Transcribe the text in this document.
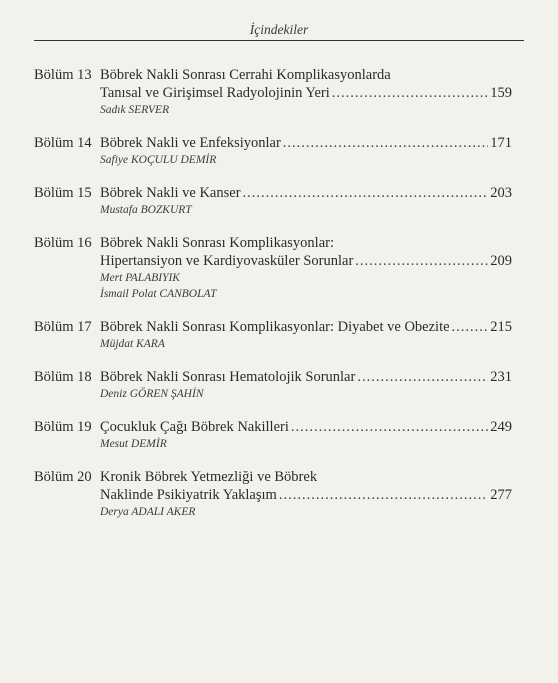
İçindekiler
Bölüm 13 Böbrek Nakli Sonrası Cerrahi Komplikasyonlarda
Tanısal ve Girişimsel Radyolojinin Yeri .....	159
Sadık SERVER
Bölüm 14 Böbrek Nakli ve Enfeksiyonlar .....	171
Safiye KOÇULU DEMİR
Bölüm 15 Böbrek Nakli ve Kanser .....	203
Mustafa BOZKURT
Bölüm 16 Böbrek Nakli Sonrası Komplikasyonlar:
Hipertansiyon ve Kardiyovasküler Sorunlar .....	209
Mert PALABIYIK
İsmail Polat CANBOLAT
Bölüm 17 Böbrek Nakli Sonrası Komplikasyonlar: Diyabet ve Obezite .....	215
Müjdat KARA
Bölüm 18 Böbrek Nakli Sonrası Hematolojik Sorunlar .....	231
Deniz GÖREN ŞAHİN
Bölüm 19 Çocukluk Çağı Böbrek Nakilleri .....	249
Mesut DEMİR
Bölüm 20 Kronik Böbrek Yetmezliği ve Böbrek
Naklinde Psikiyatrik Yaklaşım .....	277
Derya ADALI AKER
